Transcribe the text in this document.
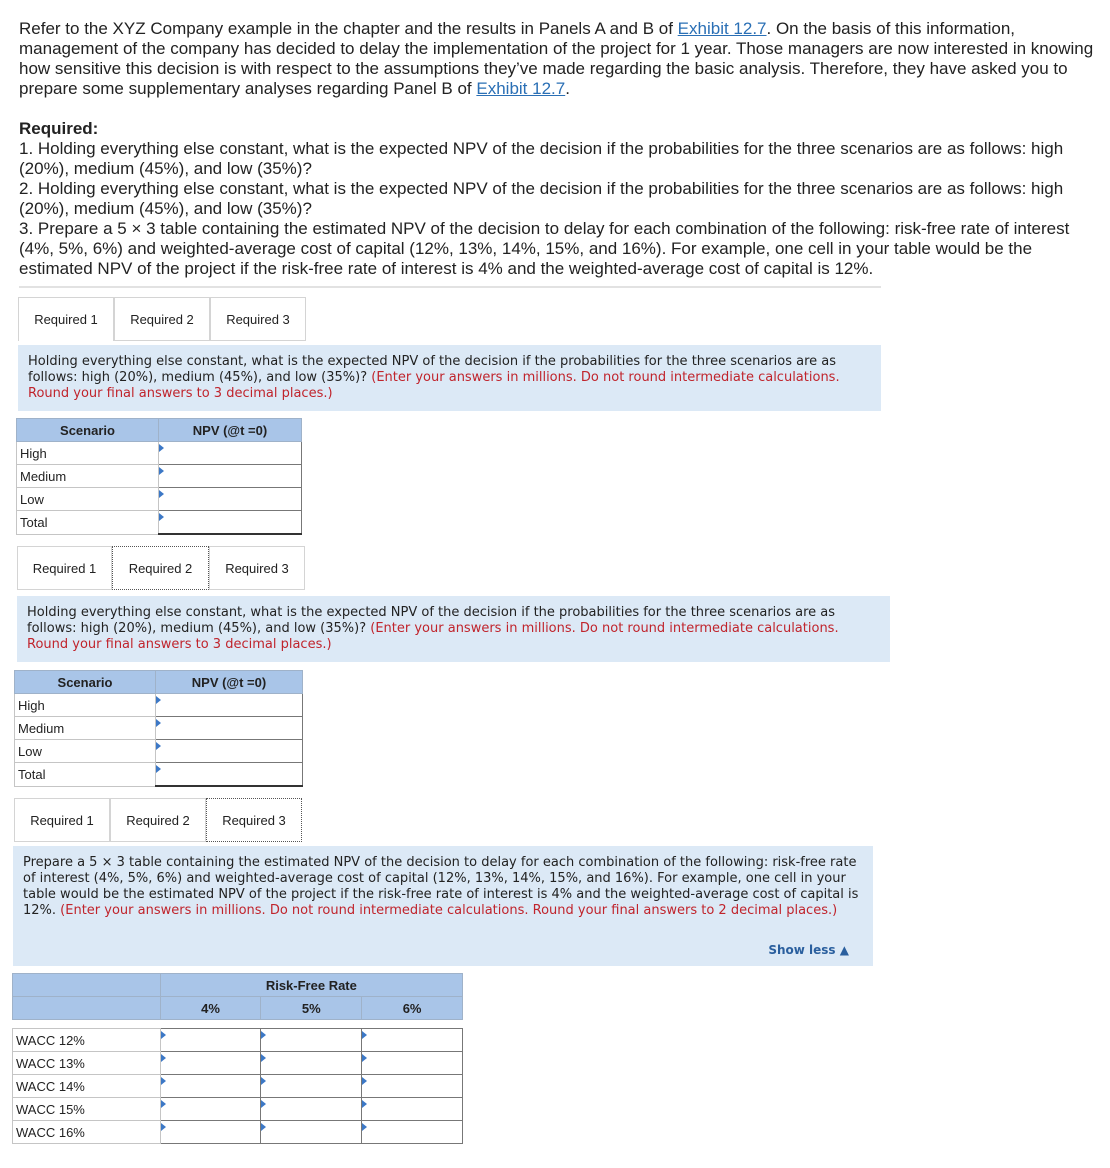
Refer to the XYZ Company example in the chapter and the results in Panels A and B of Exhibit 12.7. On the basis of this information, management of the company has decided to delay the implementation of the project for 1 year. Those managers are now interested in knowing how sensitive this decision is with respect to the assumptions they’ve made regarding the basic analysis. Therefore, they have asked you to prepare some supplementary analyses regarding Panel B of Exhibit 12.7.

Required:

1. Holding everything else constant, what is the expected NPV of the decision if the probabilities for the three scenarios are as follows: high (20%), medium (45%), and low (35%)?

2. Holding everything else constant, what is the expected NPV of the decision if the probabilities for the three scenarios are as follows: high (20%), medium (45%), and low (35%)?

3. Prepare a 5 × 3 table containing the estimated NPV of the decision to delay for each combination of the following: risk-free rate of interest (4%, 5%, 6%) and weighted-average cost of capital (12%, 13%, 14%, 15%, and 16%). For example, one cell in your table would be the estimated NPV of the project if the risk-free rate of interest is 4% and the weighted-average cost of capital is 12%.

Required 1	Required 2	Required 3
Holding everything else constant, what is the expected NPV of the decision if the probabilities for the three scenarios are as follows: high (20%), medium (45%), and low (35%)? (Enter your answers in millions. Do not round intermediate calculations. Round your final answers to 3 decimal places.)
Scenario	NPV (@t =0)
High	
Medium	
Low	
Total	
Required 1	Required 2	Required 3
Holding everything else constant, what is the expected NPV of the decision if the probabilities for the three scenarios are as follows: high (20%), medium (45%), and low (35%)? (Enter your answers in millions. Do not round intermediate calculations. Round your final answers to 3 decimal places.)
Scenario	NPV (@t =0)
High	
Medium	
Low	
Total	
Required 1	Required 2	Required 3
Prepare a 5 × 3 table containing the estimated NPV of the decision to delay for each combination of the following: risk-free rate of interest (4%, 5%, 6%) and weighted-average cost of capital (12%, 13%, 14%, 15%, and 16%). For example, one cell in your table would be the estimated NPV of the project if the risk-free rate of interest is 4% and the weighted-average cost of capital is 12%. (Enter your answers in millions. Do not round intermediate calculations. Round your final answers to 2 decimal places.)
Show less ▲
	Risk-Free Rate		
	4%	5%	6%

WACC 12%			
WACC 13%			
WACC 14%			
WACC 15%			
WACC 16%			
